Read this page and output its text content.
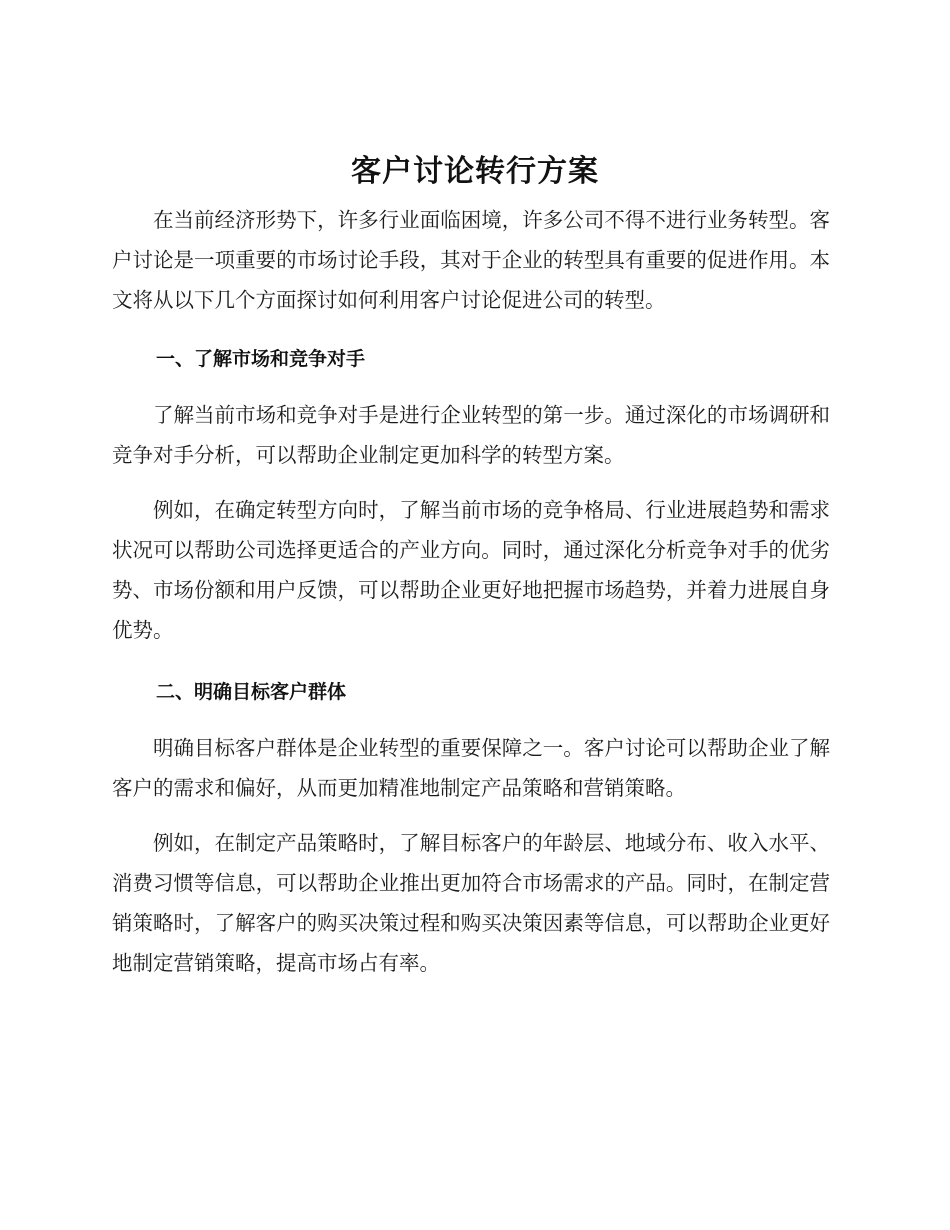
客户讨论转行方案

在当前经济形势下，许多行业面临困境，许多公司不得不进行业务转型。客户讨论是一项重要的市场讨论手段，其对于企业的转型具有重要的促进作用。本文将从以下几个方面探讨如何利用客户讨论促进公司的转型。

一、了解市场和竞争对手

了解当前市场和竞争对手是进行企业转型的第一步。通过深化的市场调研和竞争对手分析，可以帮助企业制定更加科学的转型方案。

例如，在确定转型方向时，了解当前市场的竞争格局、行业进展趋势和需求状况可以帮助公司选择更适合的产业方向。同时，通过深化分析竞争对手的优劣势、市场份额和用户反馈，可以帮助企业更好地把握市场趋势，并着力进展自身优势。

二、明确目标客户群体

明确目标客户群体是企业转型的重要保障之一。客户讨论可以帮助企业了解客户的需求和偏好，从而更加精准地制定产品策略和营销策略。

例如，在制定产品策略时，了解目标客户的年龄层、地域分布、收入水平、消费习惯等信息，可以帮助企业推出更加符合市场需求的产品。同时，在制定营销策略时，了解客户的购买决策过程和购买决策因素等信息，可以帮助企业更好地制定营销策略，提高市场占有率。
